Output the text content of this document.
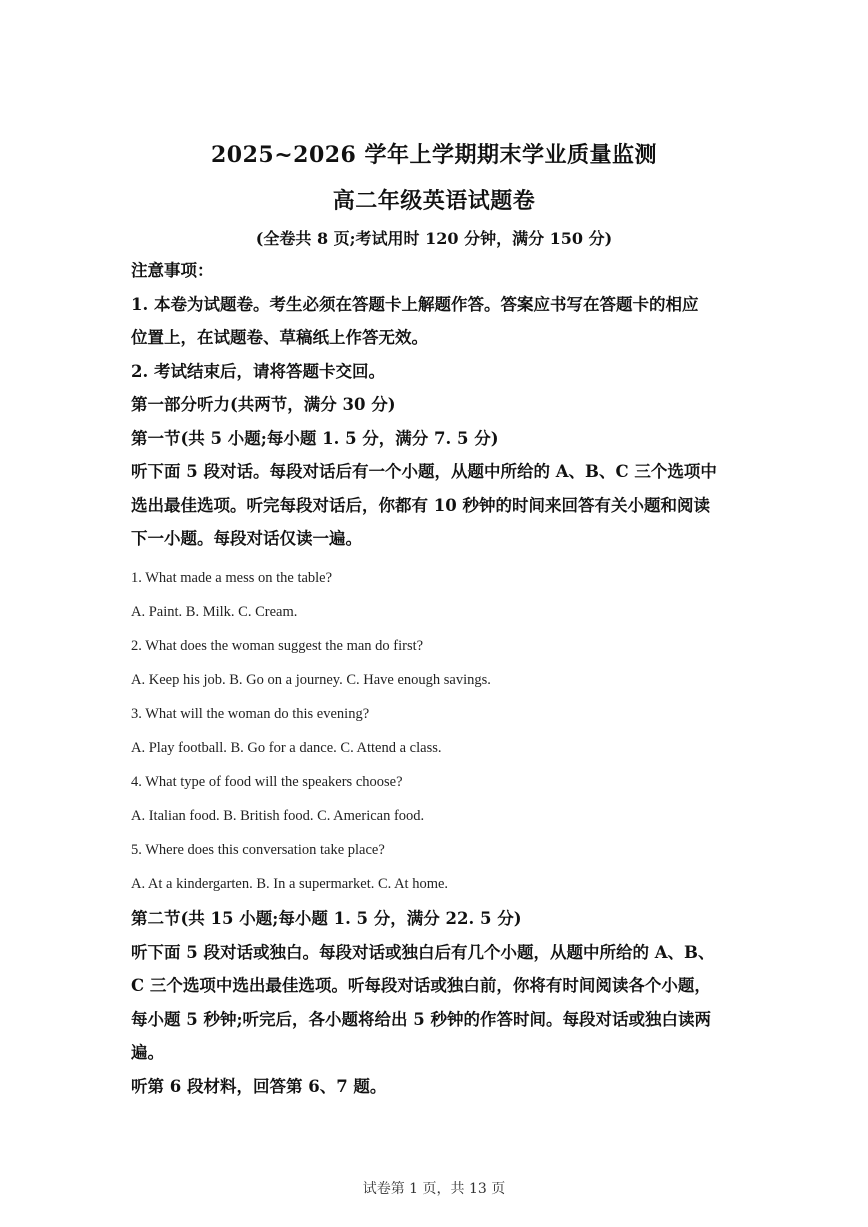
2025~2026 学年上学期期末学业质量监测
高二年级英语试题卷
(全卷共 8 页;考试用时 120 分钟，满分 150 分)

注意事项：

1. 本卷为试题卷。考生必须在答题卡上解题作答。答案应书写在答题卡的相应

位置上，在试题卷、草稿纸上作答无效。

2. 考试结束后，请将答题卡交回。

第一部分听力(共两节，满分 30 分)

第一节(共 5 小题;每小题 1. 5 分，满分 7. 5 分)

听下面 5 段对话。每段对话后有一个小题，从题中所给的 A、B、C 三个选项中

选出最佳选项。听完每段对话后，你都有 10 秒钟的时间来回答有关小题和阅读

下一小题。每段对话仅读一遍。

1. What made a mess on the table?

A. Paint. B. Milk. C. Cream.

2. What does the woman suggest the man do first?

A. Keep his job. B. Go on a journey. C. Have enough savings.

3. What will the woman do this evening?

A. Play football. B. Go for a dance. C. Attend a class.

4. What type of food will the speakers choose?

A. Italian food. B. British food. C. American food.

5. Where does this conversation take place?

A. At a kindergarten. B. In a supermarket. C. At home.

第二节(共 15 小题;每小题 1. 5 分，满分 22. 5 分)

听下面 5 段对话或独白。每段对话或独白后有几个小题，从题中所给的 A、B、

C 三个选项中选出最佳选项。听每段对话或独白前，你将有时间阅读各个小题，

每小题 5 秒钟;听完后，各小题将给出 5 秒钟的作答时间。每段对话或独白读两

遍。

听第 6 段材料，回答第 6、7 题。

试卷第 1 页，共 13 页
